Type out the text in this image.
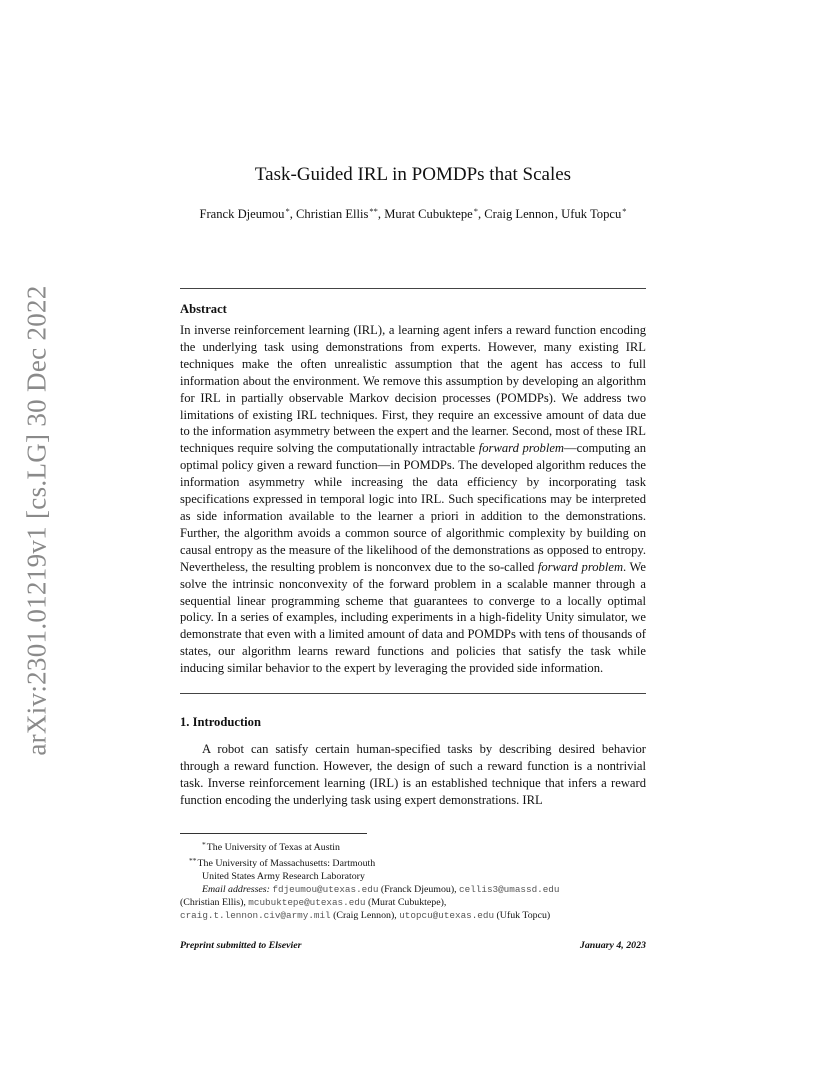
arXiv:2301.01219v1 [cs.LG] 30 Dec 2022
Task-Guided IRL in POMDPs that Scales
Franck Djeumou*, Christian Ellis**, Murat Cubuktepe*, Craig Lennon, Ufuk Topcu*
Abstract
In inverse reinforcement learning (IRL), a learning agent infers a reward function encoding the underlying task using demonstrations from experts. However, many existing IRL techniques make the often unrealistic assumption that the agent has access to full information about the environment. We remove this assumption by developing an algorithm for IRL in partially observable Markov decision processes (POMDPs). We address two limitations of existing IRL techniques. First, they require an excessive amount of data due to the information asymmetry between the expert and the learner. Second, most of these IRL techniques require solving the computationally intractable forward problem—computing an optimal policy given a reward function—in POMDPs. The developed algorithm reduces the information asymmetry while increasing the data efficiency by incorporating task specifications expressed in temporal logic into IRL. Such specifications may be interpreted as side information available to the learner a priori in addition to the demonstrations. Further, the algorithm avoids a common source of algorithmic complexity by building on causal entropy as the measure of the likelihood of the demonstrations as opposed to entropy. Nevertheless, the resulting problem is nonconvex due to the so-called forward problem. We solve the intrinsic nonconvexity of the forward problem in a scalable manner through a sequential linear programming scheme that guarantees to converge to a locally optimal policy. In a series of examples, including experiments in a high-fidelity Unity simulator, we demonstrate that even with a limited amount of data and POMDPs with tens of thousands of states, our algorithm learns reward functions and policies that satisfy the task while inducing similar behavior to the expert by leveraging the provided side information.
1. Introduction
A robot can satisfy certain human-specified tasks by describing desired behavior through a reward function. However, the design of such a reward function is a nontrivial task. Inverse reinforcement learning (IRL) is an established technique that infers a reward function encoding the underlying task using expert demonstrations. IRL
*The University of Texas at Austin
**The University of Massachusetts: Dartmouth
United States Army Research Laboratory
Email addresses: fdjeumou@utexas.edu (Franck Djeumou), cellis3@umassd.edu
(Christian Ellis), mcubuktepe@utexas.edu (Murat Cubuktepe),
craig.t.lennon.civ@army.mil (Craig Lennon), utopcu@utexas.edu (Ufuk Topcu)
Preprint submitted to Elsevier	January 4, 2023
